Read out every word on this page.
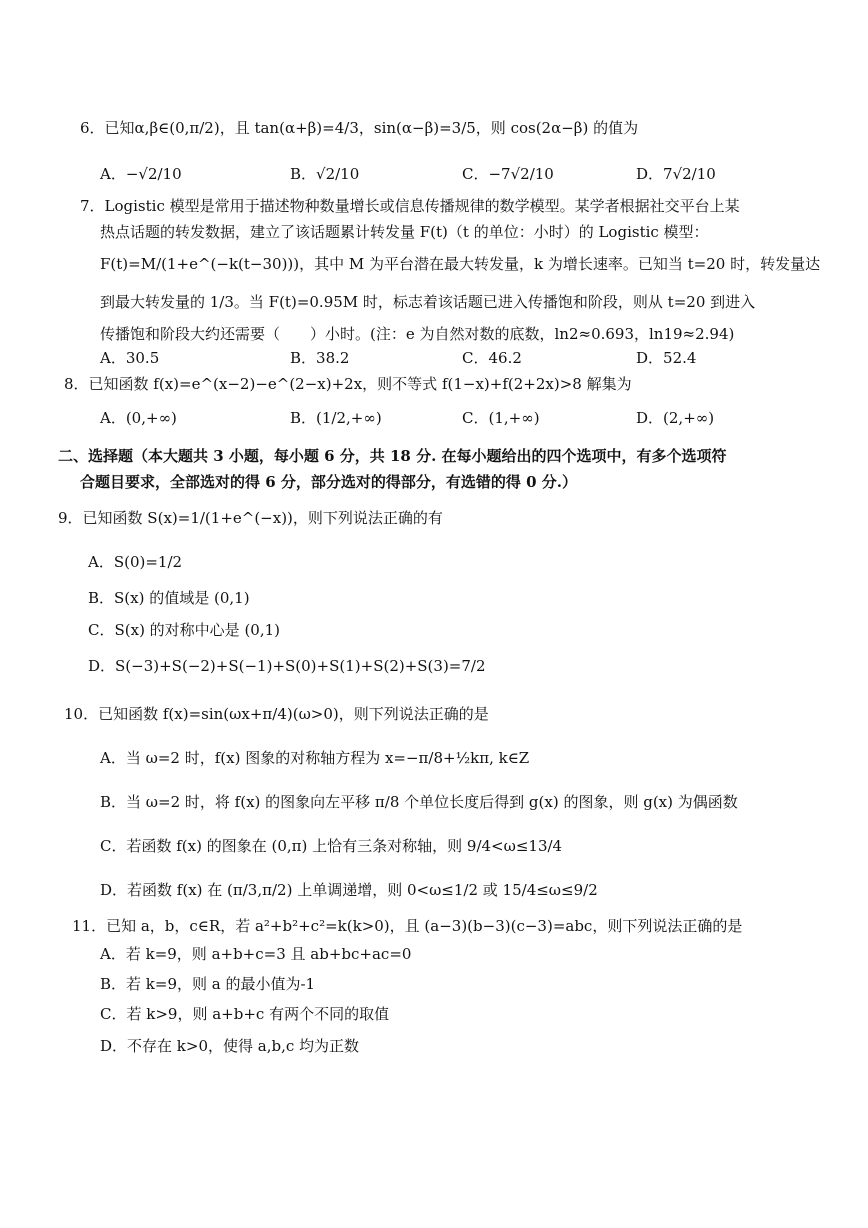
6．已知α,β∈(0,π/2)，且 tan(α+β)=4/3，sin(α−β)=3/5，则 cos(2α−β) 的值为
A．−√2/10	B．√2/10	C．−7√2/10	D．7√2/10
7．Logistic 模型是常用于描述物种数量增长或信息传播规律的数学模型。某学者根据社交平台上某
热点话题的转发数据，建立了该话题累计转发量 F(t)（t 的单位：小时）的 Logistic 模型：
F(t)=M/(1+e^(−k(t−30)))，其中 M 为平台潜在最大转发量，k 为增长速率。已知当 t=20 时，转发量达
到最大转发量的 1/3。当 F(t)=0.95M 时，标志着该话题已进入传播饱和阶段，则从 t=20 到进入
传播饱和阶段大约还需要（　　）小时。(注：e 为自然对数的底数，ln2≈0.693，ln19≈2.94)
A．30.5	B．38.2	C．46.2	D．52.4
8．已知函数 f(x)=e^(x−2)−e^(2−x)+2x，则不等式 f(1−x)+f(2+2x)>8 解集为
A．(0,+∞)	B．(1/2,+∞)	C．(1,+∞)	D．(2,+∞)
二、选择题（本大题共 3 小题，每小题 6 分，共 18 分. 在每小题给出的四个选项中，有多个选项符
合题目要求，全部选对的得 6 分，部分选对的得部分，有选错的得 0 分.）
9．已知函数 S(x)=1/(1+e^(−x))，则下列说法正确的有
A．S(0)=1/2
B．S(x) 的值域是 (0,1)
C．S(x) 的对称中心是 (0,1)
D．S(−3)+S(−2)+S(−1)+S(0)+S(1)+S(2)+S(3)=7/2
10．已知函数 f(x)=sin(ωx+π/4)(ω>0)，则下列说法正确的是
A．当 ω=2 时，f(x) 图象的对称轴方程为 x=−π/8+½kπ, k∈Z
B．当 ω=2 时，将 f(x) 的图象向左平移 π/8 个单位长度后得到 g(x) 的图象，则 g(x) 为偶函数
C．若函数 f(x) 的图象在 (0,π) 上恰有三条对称轴，则 9/4<ω≤13/4
D．若函数 f(x) 在 (π/3,π/2) 上单调递增，则 0<ω≤1/2 或 15/4≤ω≤9/2
11．已知 a，b，c∈R，若 a²+b²+c²=k(k>0)，且 (a−3)(b−3)(c−3)=abc，则下列说法正确的是
A．若 k=9，则 a+b+c=3 且 ab+bc+ac=0
B．若 k=9，则 a 的最小值为-1
C．若 k>9，则 a+b+c 有两个不同的取值
D．不存在 k>0，使得 a,b,c 均为正数
